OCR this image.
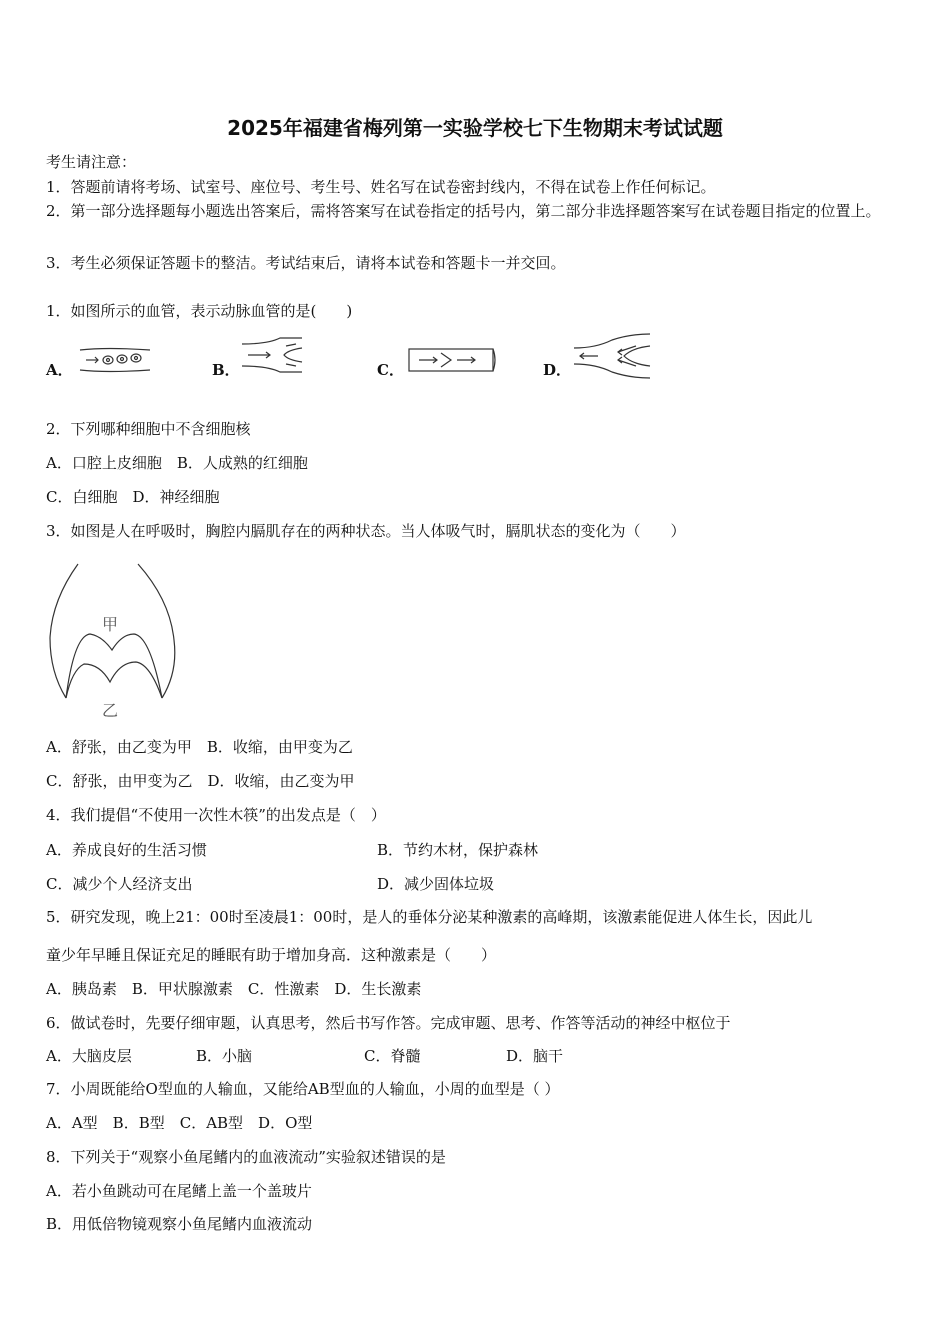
2025年福建省梅列第一实验学校七下生物期末考试试题
考生请注意：
1．答题前请将考场、试室号、座位号、考生号、姓名写在试卷密封线内，不得在试卷上作任何标记。
2．第一部分选择题每小题选出答案后，需将答案写在试卷指定的括号内，第二部分非选择题答案写在试卷题目指定的位置上。
3．考生必须保证答题卡的整洁。考试结束后，请将本试卷和答题卡一并交回。
1．如图所示的血管，表示动脉血管的是(　　)
A．	B．	C．	D．
2．下列哪种细胞中不含细胞核
A．口腔上皮细胞　B．人成熟的红细胞
C．白细胞　D．神经细胞
3．如图是人在呼吸时，胸腔内膈肌存在的两种状态。当人体吸气时，膈肌状态的变化为（　　）
甲
乙
A．舒张，由乙变为甲　B．收缩，由甲变为乙
C．舒张，由甲变为乙　D．收缩，由乙变为甲
4．我们提倡“不使用一次性木筷”的出发点是（　）
A．养成良好的生活习惯	B．节约木材，保护森林
C．减少个人经济支出	D．减少固体垃圾
5．研究发现，晚上21：00时至凌晨1：00时，是人的垂体分泌某种激素的高峰期，该激素能促进人体生长，因此儿
童少年早睡且保证充足的睡眠有助于增加身高．这种激素是（　　）
A．胰岛素　B．甲状腺激素　C．性激素　D．生长激素
6．做试卷时，先要仔细审题，认真思考，然后书写作答。完成审题、思考、作答等活动的神经中枢位于
A．大脑皮层	B．小脑	C．脊髓	D．脑干
7．小周既能给O型血的人输血，又能给AB型血的人输血，小周的血型是（ ）
A．A型　B．B型　C．AB型　D．O型
8．下列关于“观察小鱼尾鳍内的血液流动”实验叙述错误的是
A．若小鱼跳动可在尾鳍上盖一个盖玻片
B．用低倍物镜观察小鱼尾鳍内血液流动
